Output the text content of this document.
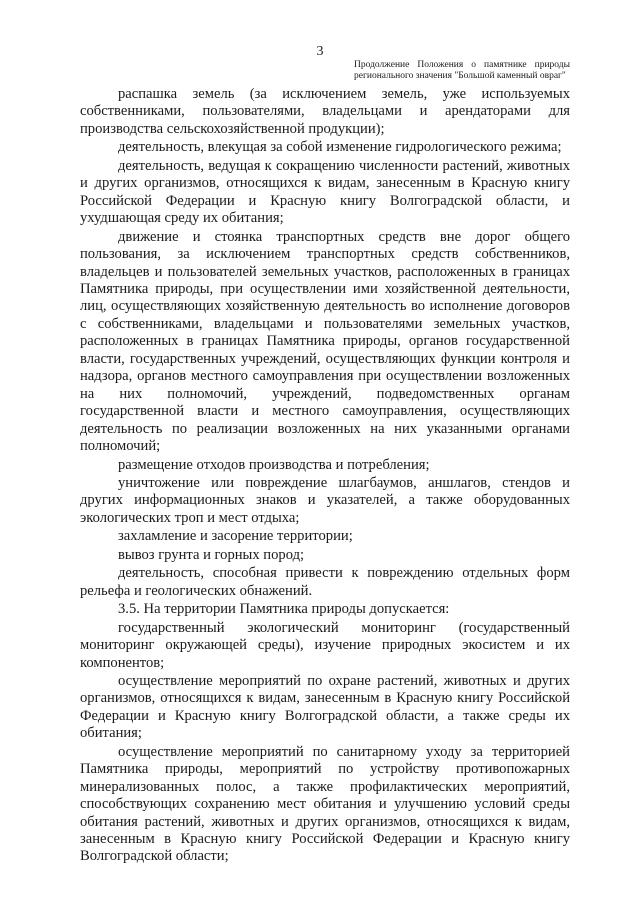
3
Продолжение Положения о памятнике природы регионального значения "Большой каменный овраг"

распашка земель (за исключением земель, уже используемых собственниками, пользователями, владельцами и арендаторами для производства сельскохозяйственной продукции);

деятельность, влекущая за собой изменение гидрологического режима;

деятельность, ведущая к сокращению численности растений, животных и других организмов, относящихся к видам, занесенным в Красную книгу Российской Федерации и Красную книгу Волгоградской области, и ухудшающая среду их обитания;

движение и стоянка транспортных средств вне дорог общего пользования, за исключением транспортных средств собственников, владельцев и пользователей земельных участков, расположенных в границах Памятника природы, при осуществлении ими хозяйственной деятельности, лиц, осуществляющих хозяйственную деятельность во исполнение договоров с собственниками, владельцами и пользователями земельных участков, расположенных в границах Памятника природы, органов государственной власти, государственных учреждений, осуществляющих функции контроля и надзора, органов местного самоуправления при осуществлении возложенных на них полномочий, учреждений, подведомственных органам государственной власти и местного самоуправления, осуществляющих деятельность по реализации возложенных на них указанными органами полномочий;

размещение отходов производства и потребления;

уничтожение или повреждение шлагбаумов, аншлагов, стендов и других информационных знаков и указателей, а также оборудованных экологических троп и мест отдыха;

захламление и засорение территории;

вывоз грунта и горных пород;

деятельность, способная привести к повреждению отдельных форм рельефа и геологических обнажений.

3.5. На территории Памятника природы допускается:

государственный экологический мониторинг (государственный мониторинг окружающей среды), изучение природных экосистем и их компонентов;

осуществление мероприятий по охране растений, животных и других организмов, относящихся к видам, занесенным в Красную книгу Российской Федерации и Красную книгу Волгоградской области, а также среды их обитания;

осуществление мероприятий по санитарному уходу за территорией Памятника природы, мероприятий по устройству противопожарных минерализованных полос, а также профилактических мероприятий, способствующих сохранению мест обитания и улучшению условий среды обитания растений, животных и других организмов, относящихся к видам, занесенным в Красную книгу Российской Федерации и Красную книгу Волгоградской области;
